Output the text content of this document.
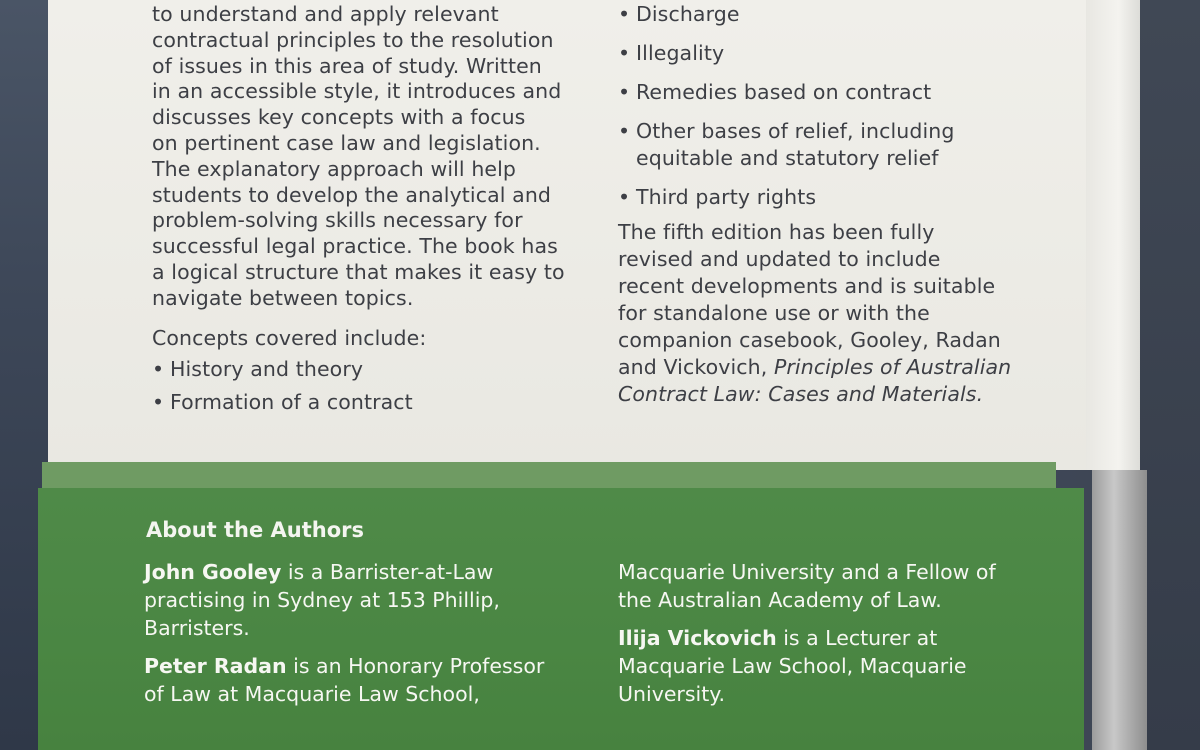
to understand and apply relevant
contractual principles to the resolution
of issues in this area of study. Written
in an accessible style, it introduces and
discusses key concepts with a focus
on pertinent case law and legislation.
The explanatory approach will help
students to develop the analytical and
problem-solving skills necessary for
successful legal practice. The book has
a logical structure that makes it easy to
navigate between topics.
Concepts covered include:
• History and theory
• Formation of a contract
• Discharge
• Illegality
• Remedies based on contract
• Other bases of relief, including
equitable and statutory relief
• Third party rights
The fifth edition has been fully
revised and updated to include
recent developments and is suitable
for standalone use or with the
companion casebook, Gooley, Radan
and Vickovich, Principles of Australian
Contract Law: Cases and Materials.
About the Authors

John Gooley is a Barrister-at-Law
practising in Sydney at 153 Phillip,
Barristers.

Peter Radan is an Honorary Professor
of Law at Macquarie Law School,

Macquarie University and a Fellow of
the Australian Academy of Law.

Ilija Vickovich is a Lecturer at
Macquarie Law School, Macquarie
University.
